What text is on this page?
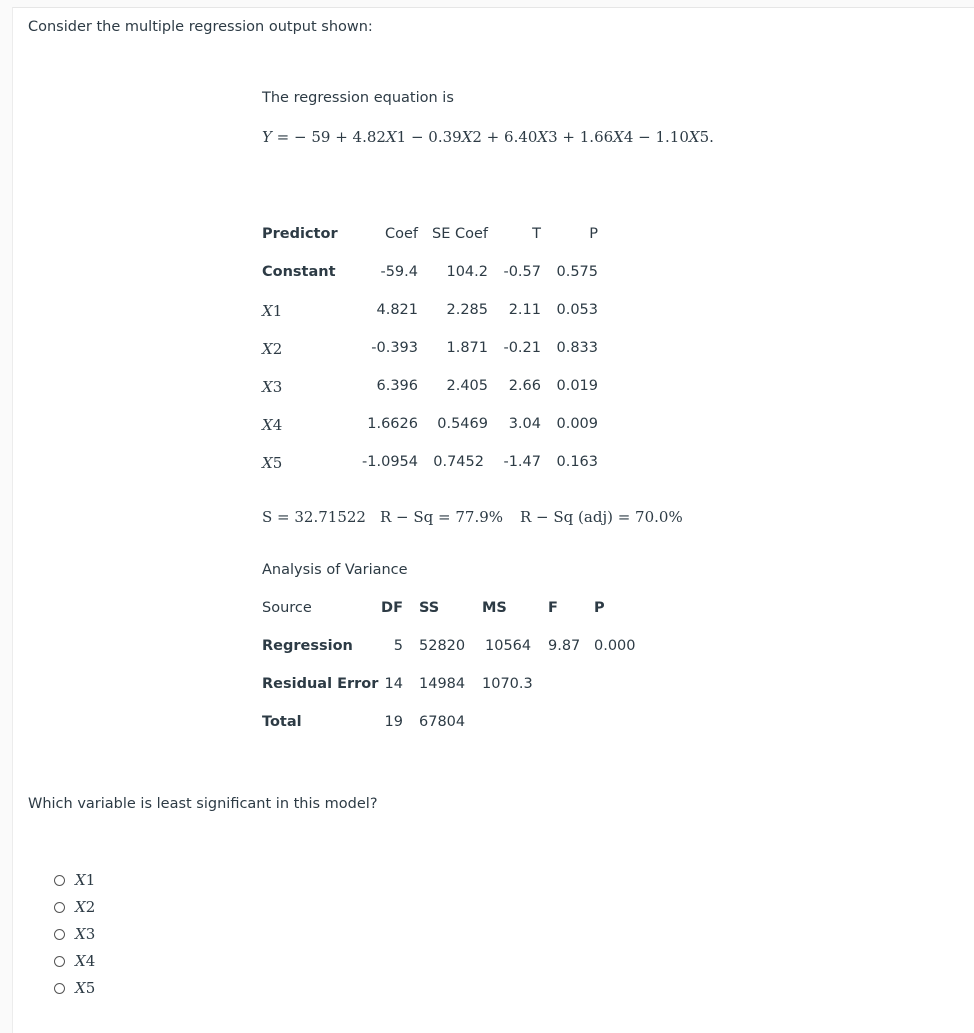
Consider the multiple regression output shown:
The regression equation is
Y = − 59 + 4.82X1 − 0.39X2 + 6.40X3 + 1.66X4 − 1.10X5.
Predictor	Coef SE Coef	T	P
Constant	-59.4	104.2	-0.57	0.575
X1	4.821	2.285	2.11	0.053
X2	-0.393	1.871	-0.21	0.833
X3	6.396	2.405	2.66	0.019
X4	1.6626	0.5469	3.04	0.009
X5	-1.0954	0.7452	-1.47	0.163
S = 32.71522 R − Sq = 77.9% R − Sq (adj) = 70.0%
Analysis of Variance
Source	DF SS	MS	F P
Regression	5 52820 10564 9.87 0.000
Residual Error 14 14984 1070.3
Total	19 67804
Which variable is least significant in this model?
X1
X2
X3
X4
X5
